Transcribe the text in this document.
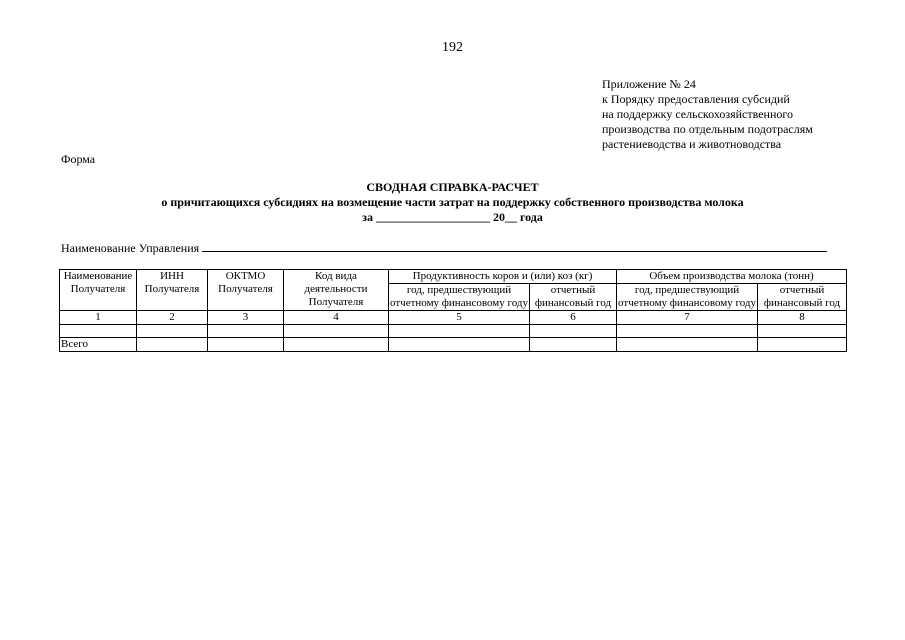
192
Приложение № 24
к Порядку предоставления субсидий
на поддержку сельскохозяйственного
производства по отдельным подотраслям
растениеводства и животноводства
Форма
СВОДНАЯ СПРАВКА-РАСЧЕТ
о причитающихся субсидиях на возмещение части затрат на поддержку собственного производства молока
за ___________________ 20__ года
Наименование Управления
Наименование Получателя	ИНН Получателя	ОКТМО Получателя	Код вида деятельности Получателя	Продуктивность коров и (или) коз (кг)		Объем производства молока (тонн)	
				год, предшествующий отчетному финансовому году	отчетный финансовый год	год, предшествующий отчетному финансовому году	отчетный финансовый год
1	2	3	4	5	6	7	8

Всего							
